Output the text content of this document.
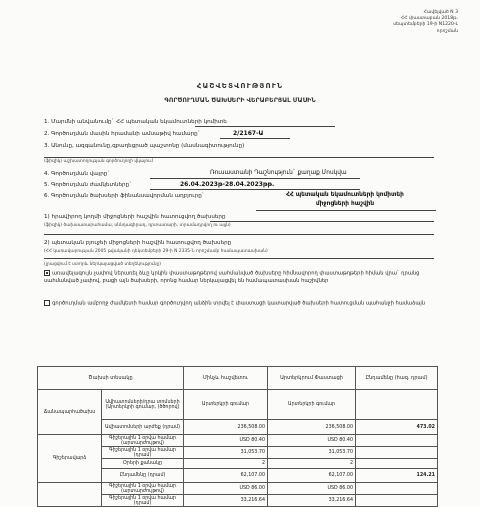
Հավելված N 3
ՀՀ փաստաբան 2018թ.
սեպտեմբերի 19-ի N1220-Լ
որոշման
ՀԱՇՎԵՏՎՈՒԹՅՈՒՆ
ԳՈՐԾՈՒՂՄԱՆ ԾԱԽՍԵՐԻ ՎԵՐԱԲԵՐՅԱԼ ՄԱՍԻՆ
1. Մարմնի անվանումը` ՀՀ պետական եկամուտների կոմիտե
2. Գործուղման մասին հրամանի ամսաթիվ համարը`	2/2167-Ա
3. Անունը, ազգանունը,զբաղեցրած պաշտոնը (մասնագիտությունը)
(ֆիզիկ) աշխատողության գործուղողի վկայում
4. Գործուղման վայրը`	Ռուսաստանի Դաշնություն` քաղաք Մոսկվա
5. Գործուղման ժամկետները`	26.04.2023թ-28.04.2023թթ.
6. Գործուղման ծախսերի ֆինանսավորման աղբյուրը`	ՀՀ պետական եկամուտների կոմիտեի միջոցների հաշվին
1) հրավիրող կողմի միջոցների հաշվին հատուցվող ծախսերը
(ֆիզիկ) ծախսատարահամա, սննդագիրադ, դրտատարի, տրամադրվող ու այլն)
2) պետական բյուջեի միջոցների հաշվին հատուցվող ծախսերը
(ՀՀ կառավարության 2005 թվականի դեկտեմբերի 29-ի N 2335-Ն որոշմամբ համապատասխան)
(լրացվում է ստորև ներկայացված տեղեկությունը)
առավելագույն չափով ներառել ձևը կրկին փաստաթղթերով սահմանված ծախսերը հիմնավորող փաստաթղթերի հիման վրա` դրանց սահմանված չափով, բացի այն ծախսերի, որոնց համար ներկայացվել են համապատասխան հաշիվներ
գործուղման ամբողջ ժամկետի համար գործուղվող անձին տրվել է փաստացի կատարված ծախսերի հատուցման պահանջի համաձայն
Ծախսի տեսակը		Մինչև հաշվետու	Արտերկրում Փաստացի	Ընդամենը (հազ. դրամ)
Ճանապարհածախս	Ավիատոմսերի/դրա տոմսերի (Արտերկրի գումար, (ծծորով)	Արտերկրի գումար	Արտերկրի գումար	
	Ավիատոմսերի արժեք (դրամ)	236,508.00	236,508.00	473.02
Գիշերավարձ	Գիշերային 1 օրվա համար (արտարժույթով)	USD 80.40	USD 80.40	
	Գիշերային 1 օրվա համար (դրամ)	31,053.70	31,053.70	
	Օրերի քանակը	2	2	
	Ընդամենը (դրամ)	62,107.00	62,107.00	124.21
	Գիշերային 1 օրվա համար (արտարժույթով)	USD 86.00	USD 86.00	
	Գիշերային 1 օրվա համար (դրամ)	33,216.64	33,216.64	
